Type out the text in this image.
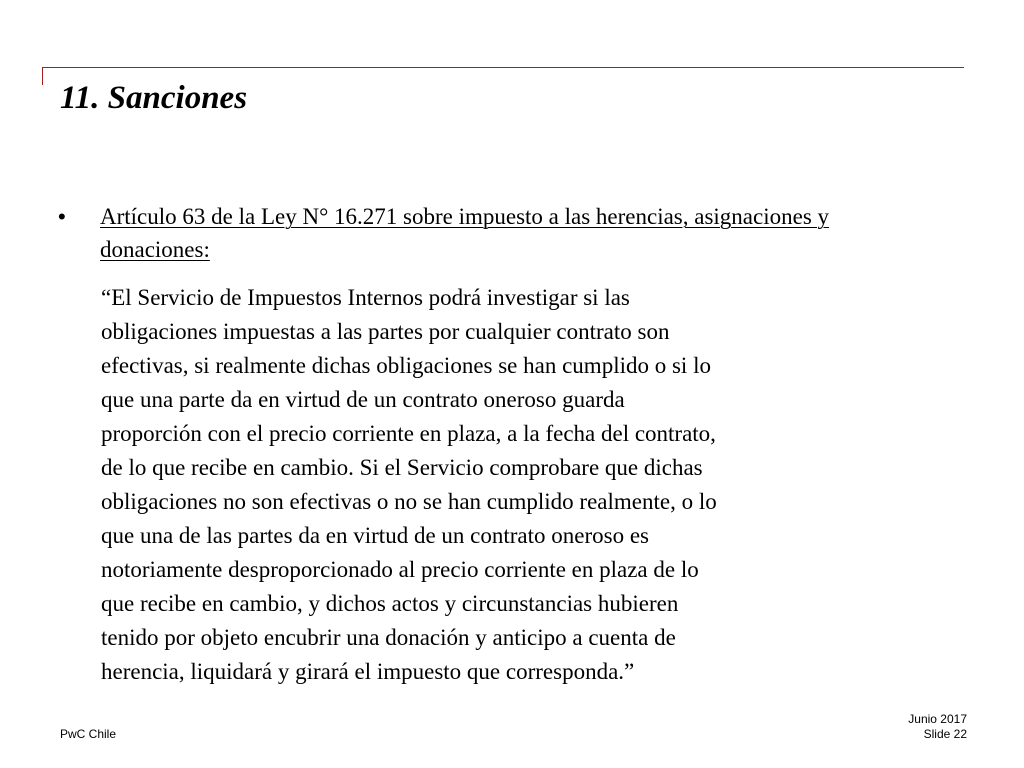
11. Sanciones
• Artículo 63 de la Ley N° 16.271 sobre impuesto a las herencias, asignaciones y donaciones:
“El Servicio de Impuestos Internos podrá investigar si las
obligaciones impuestas a las partes por cualquier contrato son
efectivas, si realmente dichas obligaciones se han cumplido o si lo
que una parte da en virtud de un contrato oneroso guarda
proporción con el precio corriente en plaza, a la fecha del contrato,
de lo que recibe en cambio. Si el Servicio comprobare que dichas
obligaciones no son efectivas o no se han cumplido realmente, o lo
que una de las partes da en virtud de un contrato oneroso es
notoriamente desproporcionado al precio corriente en plaza de lo
que recibe en cambio, y dichos actos y circunstancias hubieren
tenido por objeto encubrir una donación y anticipo a cuenta de
herencia, liquidará y girará el impuesto que corresponda.”
PwC Chile
Junio 2017
Slide 22
